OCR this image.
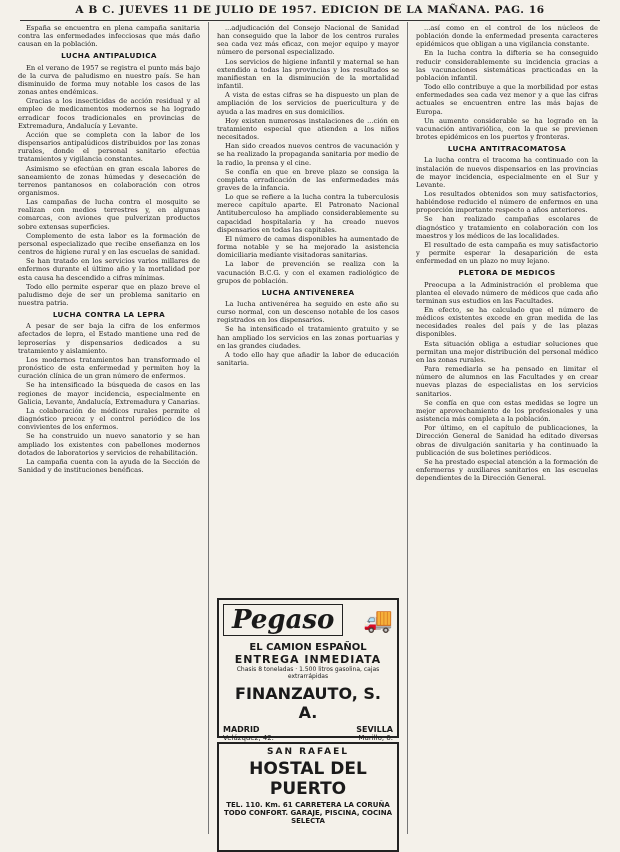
A B C. JUEVES 11 DE JULIO DE 1957. EDICION DE LA MAÑANA. PAG. 16

España se encuentra en plena campaña sanitaria contra las enfermedades infecciosas que más daño causan en la población.

LUCHA ANTIPALUDICA

En el verano de 1957 se registra el punto más bajo de la curva de paludismo en nuestro país. Se han disminuido de forma muy notable los casos de las zonas antes endémicas.

Gracias a los insecticidas de acción residual y al empleo de medicamentos modernos se ha logrado erradicar focos tradicionales en provincias de Extremadura, Andalucía y Levante.

Acción que se completa con la labor de los dispensarios antipalúdicos distribuidos por las zonas rurales, donde el personal sanitario efectúa tratamientos y vigilancia constantes.

Asimismo se efectúan en gran escala labores de saneamiento de zonas húmedas y desecación de terrenos pantanosos en colaboración con otros organismos.

Las campañas de lucha contra el mosquito se realizan con medios terrestres y, en algunas comarcas, con aviones que pulverizan productos sobre extensas superficies.

Complemento de esta labor es la formación de personal especializado que recibe enseñanza en los centros de higiene rural y en las escuelas de sanidad.

Se han tratado en los servicios varios millares de enfermos durante el último año y la mortalidad por esta causa ha descendido a cifras mínimas.

Todo ello permite esperar que en plazo breve el paludismo deje de ser un problema sanitario en nuestra patria.

LUCHA CONTRA LA LEPRA

A pesar de ser baja la cifra de los enfermos afectados de lepra, el Estado mantiene una red de leproserías y dispensarios dedicados a su tratamiento y aislamiento.

Los modernos tratamientos han transformado el pronóstico de esta enfermedad y permiten hoy la curación clínica de un gran número de enfermos.

Se ha intensificado la búsqueda de casos en las regiones de mayor incidencia, especialmente en Galicia, Levante, Andalucía, Extremadura y Canarias.

La colaboración de médicos rurales permite el diagnóstico precoz y el control periódico de los convivientes de los enfermos.

Se ha construido un nuevo sanatorio y se han ampliado los existentes con pabellones modernos dotados de laboratorios y servicios de rehabilitación.

La campaña cuenta con la ayuda de la Sección de Sanidad y de instituciones benéficas.

...adjudicación del Consejo Nacional de Sanidad han conseguido que la labor de los centros rurales sea cada vez más eficaz, con mejor equipo y mayor número de personal especializado.

Los servicios de higiene infantil y maternal se han extendido a todas las provincias y los resultados se manifiestan en la disminución de la mortalidad infantil.

A vista de estas cifras se ha dispuesto un plan de ampliación de los servicios de puericultura y de ayuda a las madres en sus domicilios.

Hoy existen numerosas instalaciones de ...ción en tratamiento especial que atienden a los niños necesitados.

Han sido creados nuevos centros de vacunación y se ha realizado la propaganda sanitaria por medio de la radio, la prensa y el cine.

Se confía en que en breve plazo se consiga la completa erradicación de las enfermedades más graves de la infancia.

Lo que se refiere a la lucha contra la tuberculosis merece capítulo aparte. El Patronato Nacional Antituberculoso ha ampliado considerablemente su capacidad hospitalaria y ha creado nuevos dispensarios en todas las capitales.

El número de camas disponibles ha aumentado de forma notable y se ha mejorado la asistencia domiciliaria mediante visitadoras sanitarias.

La labor de prevención se realiza con la vacunación B.C.G. y con el examen radiológico de grupos de población.

LUCHA ANTIVENEREA

La lucha antivenérea ha seguido en este año su curso normal, con un descenso notable de los casos registrados en los dispensarios.

Se ha intensificado el tratamiento gratuito y se han ampliado los servicios en las zonas portuarias y en las grandes ciudades.

A todo ello hay que añadir la labor de educación sanitaria.

...así como en el control de los núcleos de población donde la enfermedad presenta caracteres epidémicos que obligan a una vigilancia constante.

En la lucha contra la difteria se ha conseguido reducir considerablemente su incidencia gracias a las vacunaciones sistemáticas practicadas en la población infantil.

Todo ello contribuye a que la morbilidad por estas enfermedades sea cada vez menor y a que las cifras actuales se encuentren entre las más bajas de Europa.

Un aumento considerable se ha logrado en la vacunación antivariólica, con la que se previenen brotes epidémicos en los puertos y fronteras.

LUCHA ANTITRACOMATOSA

La lucha contra el tracoma ha continuado con la instalación de nuevos dispensarios en las provincias de mayor incidencia, especialmente en el Sur y Levante.

Los resultados obtenidos son muy satisfactorios, habiéndose reducido el número de enfermos en una proporción importante respecto a años anteriores.

Se han realizado campañas escolares de diagnóstico y tratamiento en colaboración con los maestros y los médicos de las localidades.

El resultado de esta campaña es muy satisfactorio y permite esperar la desaparición de esta enfermedad en un plazo no muy lejano.

PLETORA DE MEDICOS

Preocupa a la Administración el problema que plantea el elevado número de médicos que cada año terminan sus estudios en las Facultades.

En efecto, se ha calculado que el número de médicos existentes excede en gran medida de las necesidades reales del país y de las plazas disponibles.

Esta situación obliga a estudiar soluciones que permitan una mejor distribución del personal médico en las zonas rurales.

Para remediarla se ha pensado en limitar el número de alumnos en las Facultades y en crear nuevas plazas de especialistas en los servicios sanitarios.

Se confía en que con estas medidas se logre un mejor aprovechamiento de los profesionales y una asistencia más completa a la población.

Por último, en el capítulo de publicaciones, la Dirección General de Sanidad ha editado diversas obras de divulgación sanitaria y ha continuado la publicación de sus boletines periódicos.

Se ha prestado especial atención a la formación de enfermeras y auxiliares sanitarios en las escuelas dependientes de la Dirección General.

Pegaso	🚚
EL CAMION ESPAÑOL
ENTREGA INMEDIATA
Chasis 8 toneladas · 1.500 litros gasolina, cajas extrarrápidas
FINANZAUTO, S. A.
MADRID	SEVILLA
Velázquez, 42.	Murillo, 6.
SAN RAFAEL
HOSTAL DEL PUERTO
TEL. 110. Km. 61 CARRETERA LA CORUÑA
TODO CONFORT. GARAJE, PISCINA, COCINA SELECTA
